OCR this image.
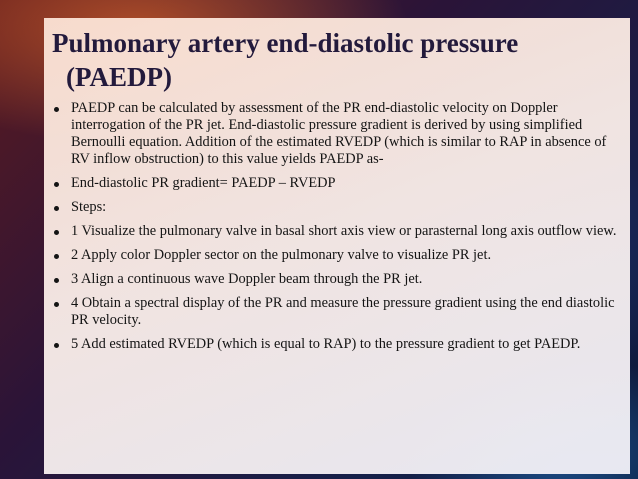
Pulmonary artery end-diastolic pressure
(PAEDP)
PAEDP can be calculated by assessment of the PR end-diastolic velocity on Doppler interrogation of the PR jet. End-diastolic pressure gradient is derived by using simplified Bernoulli equation. Addition of the estimated RVEDP (which is similar to RAP in absence of RV inflow obstruction) to this value yields PAEDP as-
End-diastolic PR gradient= PAEDP – RVEDP
Steps:
1 Visualize the pulmonary valve in basal short axis view or parasternal long axis outflow view.
2 Apply color Doppler sector on the pulmonary valve to visualize PR jet.
3 Align a continuous wave Doppler beam through the PR jet.
4 Obtain a spectral display of the PR and measure the pressure gradient using the end diastolic PR velocity.
5 Add estimated RVEDP (which is equal to RAP) to the pressure gradient to get PAEDP.
